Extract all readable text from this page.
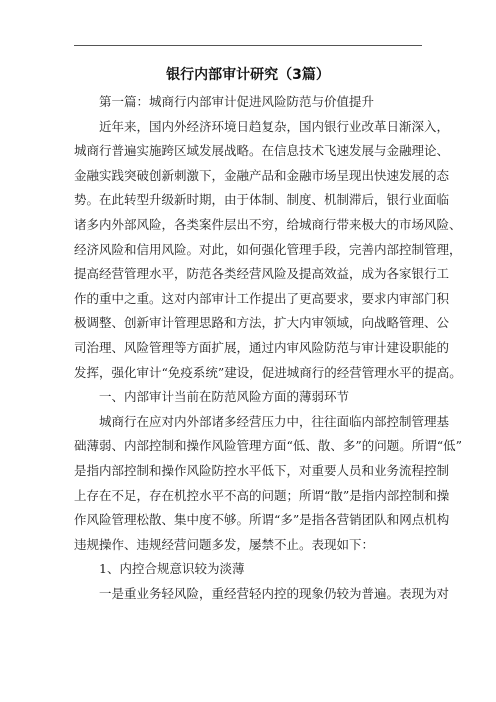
银行内部审计研究（3篇）
第一篇：城商行内部审计促进风险防范与价值提升
近年来，国内外经济环境日趋复杂，国内银行业改革日渐深入，
城商行普遍实施跨区域发展战略。在信息技术飞速发展与金融理论、
金融实践突破创新刺激下，金融产品和金融市场呈现出快速发展的态
势。在此转型升级新时期，由于体制、制度、机制滞后，银行业面临
诸多内外部风险，各类案件层出不穷，给城商行带来极大的市场风险、
经济风险和信用风险。对此，如何强化管理手段，完善内部控制管理，
提高经营管理水平，防范各类经营风险及提高效益，成为各家银行工
作的重中之重。这对内部审计工作提出了更高要求，要求内审部门积
极调整、创新审计管理思路和方法，扩大内审领域，向战略管理、公
司治理、风险管理等方面扩展，通过内审风险防范与审计建设职能的
发挥，强化审计“免疫系统”建设，促进城商行的经营管理水平的提高。
一、内部审计当前在防范风险方面的薄弱环节
城商行在应对内外部诸多经营压力中，往往面临内部控制管理基
础薄弱、内部控制和操作风险管理方面“低、散、多”的问题。所谓“低”
是指内部控制和操作风险防控水平低下，对重要人员和业务流程控制
上存在不足，存在机控水平不高的问题；所谓“散”是指内部控制和操
作风险管理松散、集中度不够。所谓“多”是指各营销团队和网点机构
违规操作、违规经营问题多发，屡禁不止。表现如下：
1、内控合规意识较为淡薄
一是重业务轻风险，重经营轻内控的现象仍较为普遍。表现为对
